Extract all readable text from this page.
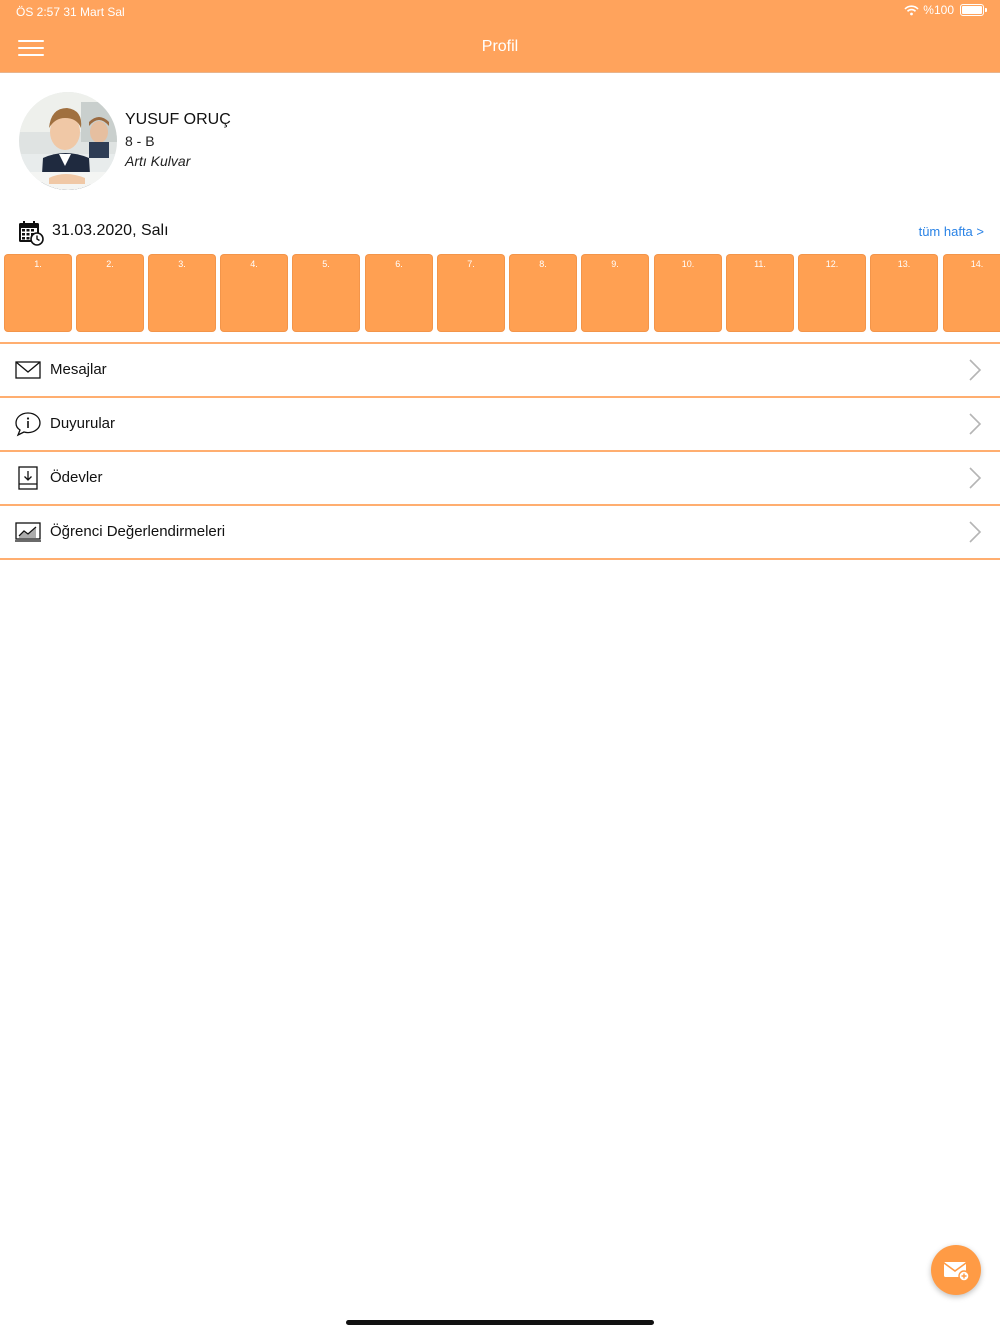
ÖS 2:57 31 Mart Sal	%100
Profil
YUSUF ORUÇ
8 - B
Artı Kulvar
31.03.2020, Salı	tüm hafta >
1.	2.	3.	4.	5.	6.	7.	8.	9.	10.	11.	12.	13.	14.
Mesajlar
Duyurular
Ödevler
Öğrenci Değerlendirmeleri
